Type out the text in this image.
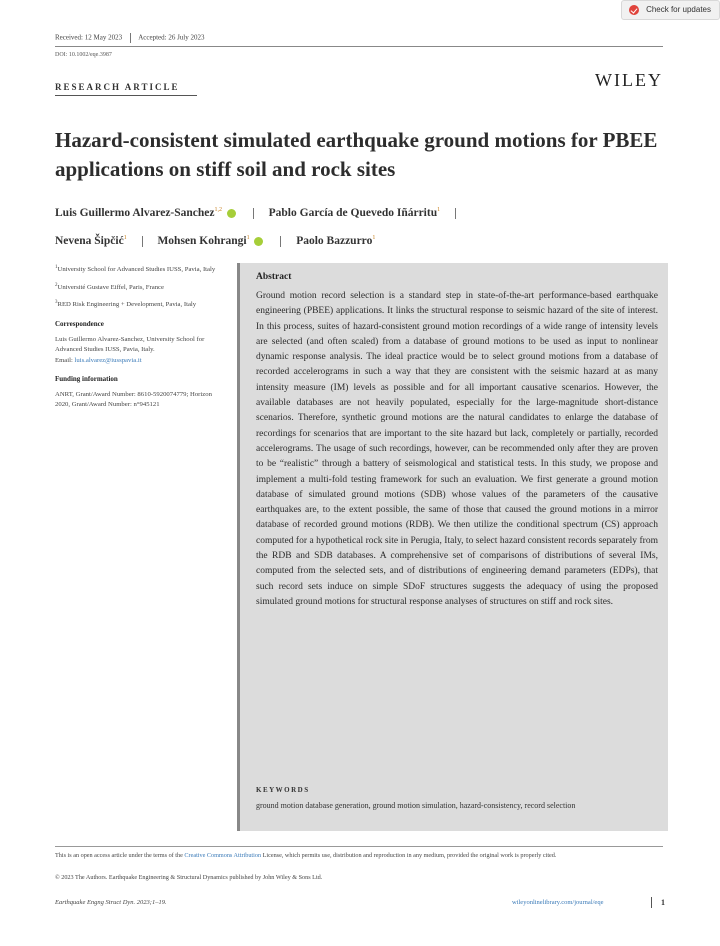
Check for updates
Received: 12 May 2023 Accepted: 26 July 2023
DOI: 10.1002/eqe.3987
WILEY
RESEARCH ARTICLE
Hazard-consistent simulated earthquake ground motions for PBEE applications on stiff soil and rock sites
Luis Guillermo Alvarez-Sanchez$^{1,2}$	Pablo García de Quevedo Iñárritu$^1$
Nevena Šipčić$^1$	Mohsen Kohrangi$^1$	Paolo Bazzurro$^1$

$^1$University School for Advanced Studies IUSS, Pavia, Italy

$^2$Université Gustave Eiffel, Paris, France

$^3$RED Risk Engineering + Development, Pavia, Italy

Correspondence

Luis Guillermo Alvarez-Sanchez, University School for Advanced Studies IUSS, Pavia, Italy.
Email: luis.alvarez@iusspavia.it

Funding information

ANRT, Grant/Award Number: 8610-5920074779; Horizon 2020, Grant/Award Number: n°945121

Abstract
Ground motion record selection is a standard step in state-of-the-art performance-based earthquake engineering (PBEE) applications. It links the structural response to seismic hazard of the site of interest. In this process, suites of hazard-consistent ground motion recordings of a wide range of intensity levels are selected (and often scaled) from a database of ground motions to be used as input to nonlinear dynamic response analysis. The ideal practice would be to select ground motions from a database of recorded accelerograms in such a way that they are consistent with the seismic hazard at as many intensity measure (IM) levels as possible and for all important causative scenarios. However, the available databases are not heavily populated, especially for the large-magnitude short-distance scenarios. Therefore, synthetic ground motions are the natural candidates to enlarge the database of recordings for scenarios that are important to the site hazard but lack, completely or partially, recorded accelerograms. The usage of such recordings, however, can be recommended only after they are proven to be “realistic” through a battery of seismological and statistical tests. In this study, we propose and implement a multi-fold testing framework for such an evaluation. We first generate a ground motion database of simulated ground motions (SDB) whose values of the parameters of the causative earthquakes are, to the extent possible, the same of those that caused the ground motions in a mirror database of recorded ground motions (RDB). We then utilize the conditional spectrum (CS) approach computed for a hypothetical rock site in Perugia, Italy, to select hazard consistent records separately from the RDB and SDB databases. A comprehensive set of comparisons of distributions of several IMs, computed from the selected sets, and of distributions of engineering demand parameters (EDPs), that such record sets induce on simple SDoF structures suggests the adequacy of using the proposed simulated ground motions for structural response analyses of structures on stiff and rock sites.
KEYWORDS
ground motion database generation, ground motion simulation, hazard-consistency, record selection
This is an open access article under the terms of the Creative Commons Attribution License, which permits use, distribution and reproduction in any medium, provided the original work is properly cited.
© 2023 The Authors. Earthquake Engineering & Structural Dynamics published by John Wiley & Sons Ltd.
Earthquake Engng Struct Dyn. 2023;1–19.	wileyonlinelibrary.com/journal/eqe	1
